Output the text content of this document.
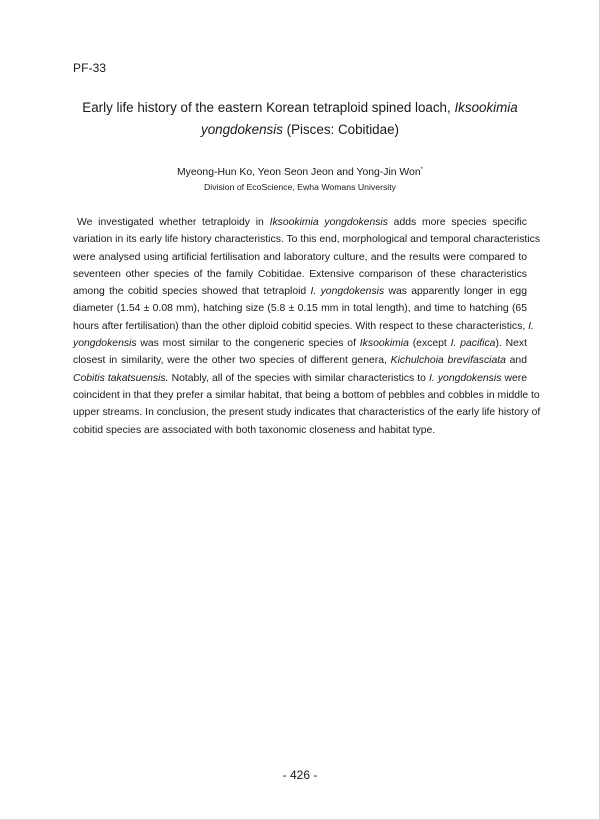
PF-33
Early life history of the eastern Korean tetraploid spined loach, Iksookimia
yongdokensis (Pisces: Cobitidae)
Myeong-Hun Ko, Yeon Seon Jeon and Yong-Jin Won*
Division of EcoScience, Ewha Womans University
We investigated whether tetraploidy in Iksookimia yongdokensis adds more species specific
variation in its early life history characteristics. To this end, morphological and temporal characteristics
were analysed using artificial fertilisation and laboratory culture, and the results were compared to
seventeen other species of the family Cobitidae. Extensive comparison of these characteristics
among the cobitid species showed that tetraploid I. yongdokensis was apparently longer in egg
diameter (1.54 ± 0.08 mm), hatching size (5.8 ± 0.15 mm in total length), and time to hatching (65
hours after fertilisation) than the other diploid cobitid species. With respect to these characteristics, I.
yongdokensis was most similar to the congeneric species of Iksookimia (except I. pacifica). Next
closest in similarity, were the other two species of different genera, Kichulchoia brevifasciata and
Cobitis takatsuensis. Notably, all of the species with similar characteristics to I. yongdokensis were
coincident in that they prefer a similar habitat, that being a bottom of pebbles and cobbles in middle to
upper streams. In conclusion, the present study indicates that characteristics of the early life history of
cobitid species are associated with both taxonomic closeness and habitat type.
- 426 -
